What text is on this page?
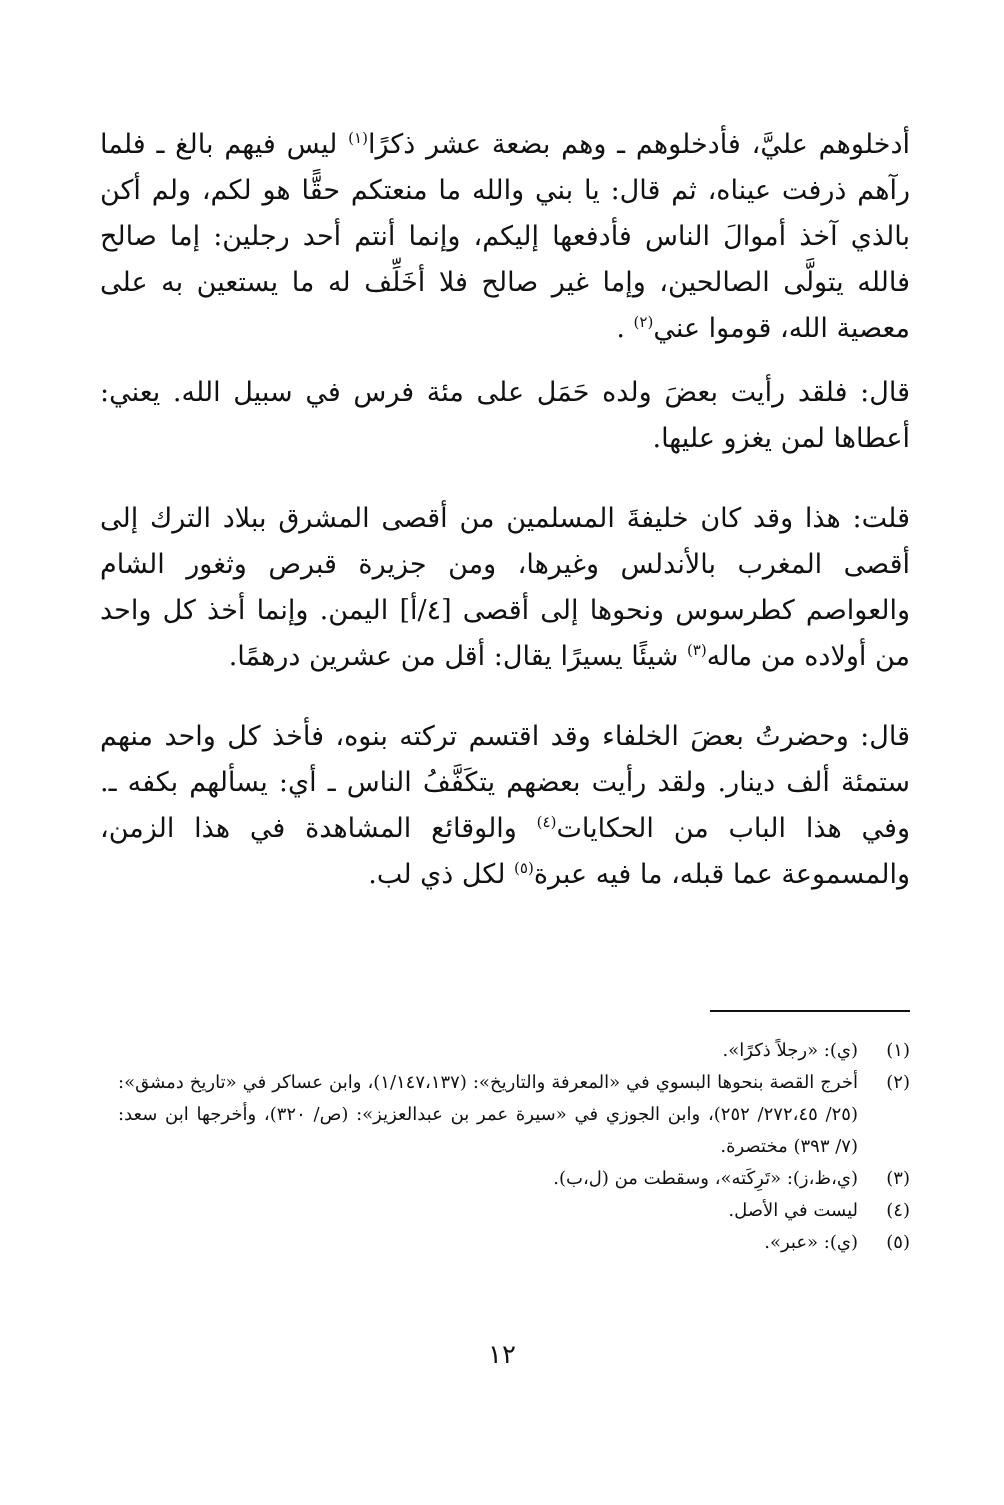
أدخلوهم عليَّ، فأدخلوهم ـ وهم بضعة عشر ذكرًا$^{(١)}$ ليس فيهم بالغ ـ فلما رآهم ذرفت عيناه، ثم قال: يا بني والله ما منعتكم حقًّا هو لكم، ولم أكن بالذي آخذ أموالَ الناس فأدفعها إليكم، وإنما أنتم أحد رجلين: إما صالح فالله يتولَّى الصالحين، وإما غير صالح فلا أخَلِّف له ما يستعين به على معصية الله، قوموا عني$^{(٢)}$ .

قال: فلقد رأيت بعضَ ولده حَمَل على مئة فرس في سبيل الله. يعني: أعطاها لمن يغزو عليها.

قلت: هذا وقد كان خليفةَ المسلمين من أقصى المشرق ببلاد الترك إلى أقصى المغرب بالأندلس وغيرها، ومن جزيرة قبرص وثغور الشام والعواصم كطرسوس ونحوها إلى أقصى [٤/أ] اليمن. وإنما أخذ كل واحد من أولاده من ماله$^{(٣)}$ شيئًا يسيرًا يقال: أقل من عشرين درهمًا.

قال: وحضرتُ بعضَ الخلفاء وقد اقتسم تركته بنوه، فأخذ كل واحد منهم ستمئة ألف دينار. ولقد رأيت بعضهم يتكَفَّفُ الناس ـ أي: يسألهم بكفه ـ. وفي هذا الباب من الحكايات$^{(٤)}$ والوقائع المشاهدة في هذا الزمن، والمسموعة عما قبله، ما فيه عبرة$^{(٥)}$ لكل ذي لب.

(١)
(ي): «رجلاً ذكرًا».
(٢)
أخرج القصة بنحوها البسوي في «المعرفة والتاريخ»: (١/١٤٧،١٣٧)، وابن عساكر في «تاريخ دمشق»: (٢٥/ ٢٧٢،٤٥/ ٢٥٢)، وابن الجوزي في «سيرة عمر بن عبدالعزيز»: (ص/ ٣٢٠)، وأخرجها ابن سعد: (٧/ ٣٩٣) مختصرة.
(٣)
(ي،ظ،ز): «تَرِكَته»، وسقطت من (ل،ب).
(٤)
ليست في الأصل.
(٥)
(ي): «عبر».
١٢
